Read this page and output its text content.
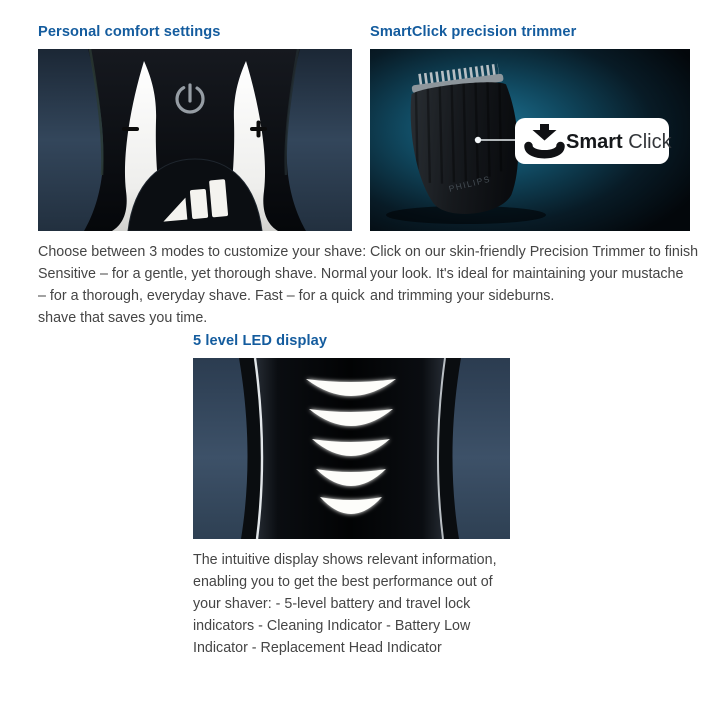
Personal comfort settings

Choose between 3 modes to customize your shave: Sensitive – for a gentle, yet thorough shave. Normal – for a thorough, everyday shave. Fast – for a quick shave that saves you time.

SmartClick precision trimmer
PHILIPS
Smart Click

Click on our skin-friendly Precision Trimmer to finish your look. It's ideal for maintaining your mustache and trimming your sideburns.

5 level LED display

The intuitive display shows relevant information, enabling you to get the best performance out of your shaver: - 5-level battery and travel lock indicators - Cleaning Indicator - Battery Low Indicator - Replacement Head Indicator
